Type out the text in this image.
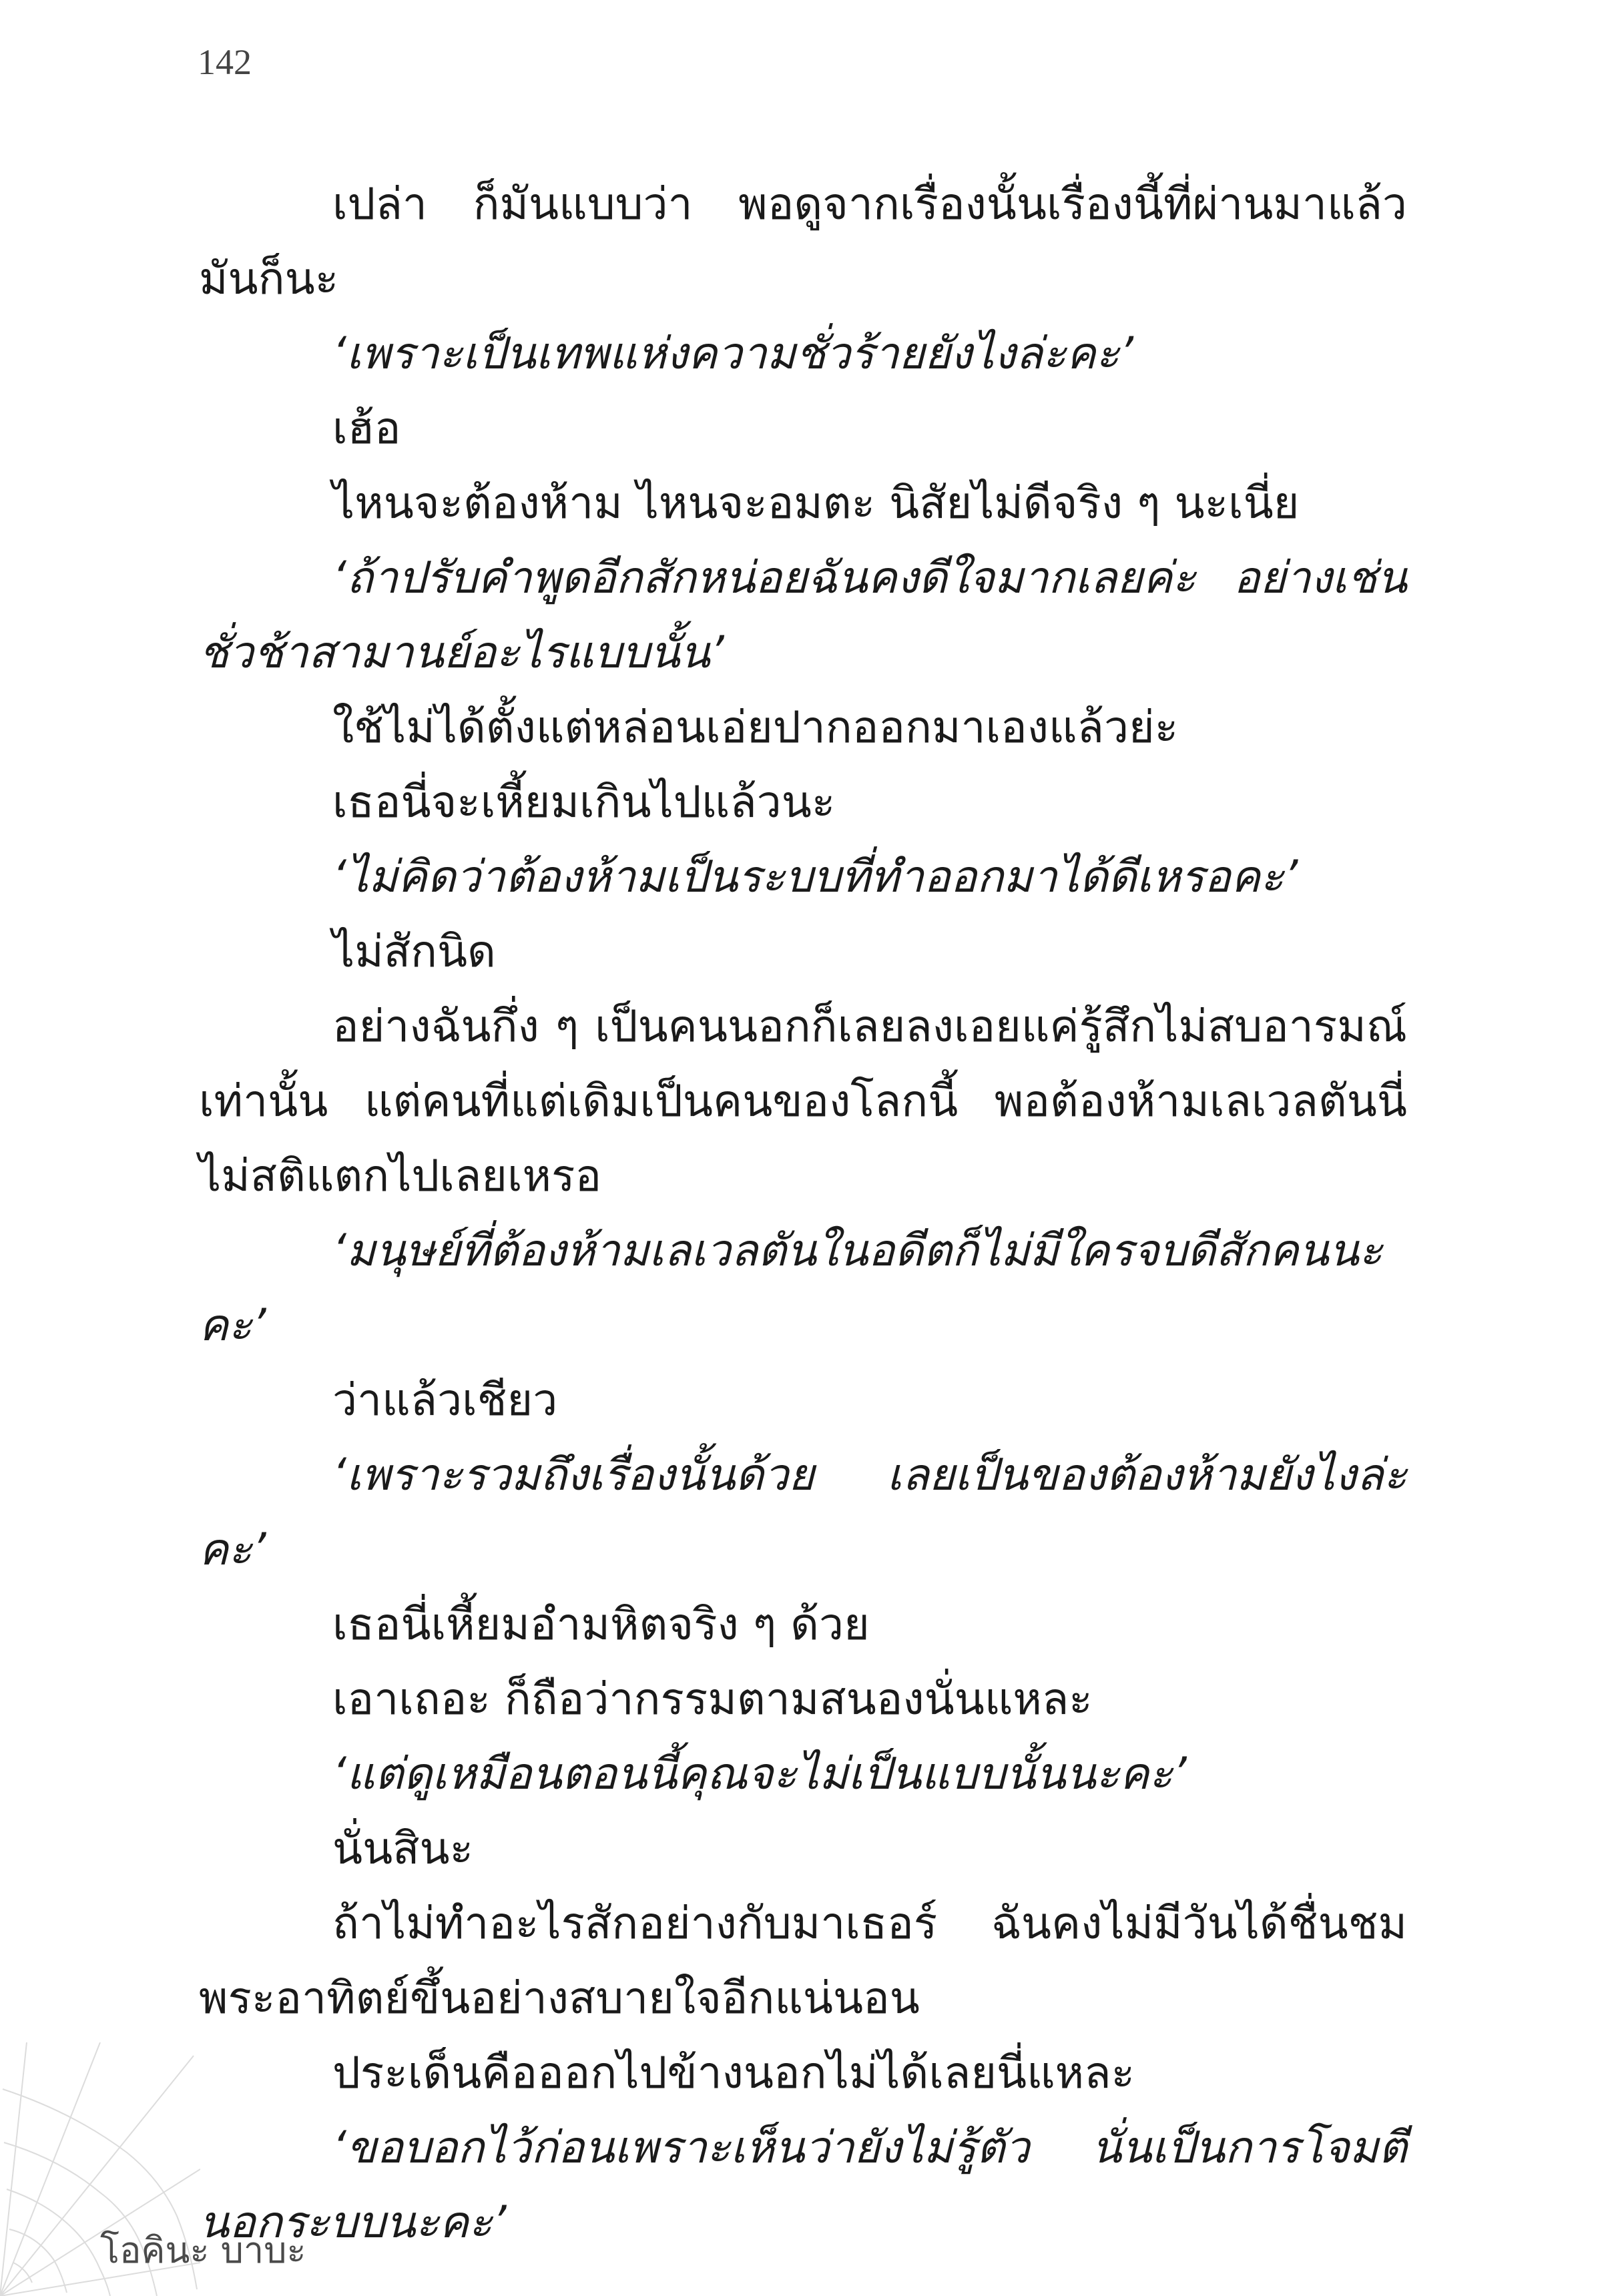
142

เปล่า ก็มันแบบว่า พอดูจากเรื่องนั้นเรื่องนี้ที่ผ่านมาแล้ว มันก็นะ

‘เพราะเป็นเทพแห่งความชั่วร้ายยังไงล่ะคะ’

เฮ้อ

ไหนจะต้องห้าม ไหนจะอมตะ นิสัยไม่ดีจริง ๆ นะเนี่ย

‘ถ้าปรับคำพูดอีกสักหน่อยฉันคงดีใจมากเลยค่ะ อย่างเช่น ชั่วช้าสามานย์อะไรแบบนั้น’

ใช้ไม่ได้ตั้งแต่หล่อนเอ่ยปากออกมาเองแล้วย่ะ

เธอนี่จะเหี้ยมเกินไปแล้วนะ

‘ไม่คิดว่าต้องห้ามเป็นระบบที่ทำออกมาได้ดีเหรอคะ’

ไม่สักนิด

อย่างฉันกึ่ง ๆ เป็นคนนอกก็เลยลงเอยแค่รู้สึกไม่สบอารมณ์ เท่านั้น แต่คนที่แต่เดิมเป็นคนของโลกนี้ พอต้องห้ามเลเวลตันนี่ ไม่สติแตกไปเลยเหรอ

‘มนุษย์ที่ต้องห้ามเลเวลตันในอดีตก็ไม่มีใครจบดีสักคนนะคะ’

ว่าแล้วเชียว

‘เพราะรวมถึงเรื่องนั้นด้วย เลยเป็นของต้องห้ามยังไงล่ะคะ’

เธอนี่เหี้ยมอำมหิตจริง ๆ ด้วย

เอาเถอะ ก็ถือว่ากรรมตามสนองนั่นแหละ

‘แต่ดูเหมือนตอนนี้คุณจะไม่เป็นแบบนั้นนะคะ’

นั่นสินะ

ถ้าไม่ทำอะไรสักอย่างกับมาเธอร์ ฉันคงไม่มีวันได้ชื่นชม พระอาทิตย์ขึ้นอย่างสบายใจอีกแน่นอน

ประเด็นคือออกไปข้างนอกไม่ได้เลยนี่แหละ

‘ขอบอกไว้ก่อนเพราะเห็นว่ายังไม่รู้ตัว นั่นเป็นการโจมตี นอกระบบนะคะ’

โอคินะ บาบะ
